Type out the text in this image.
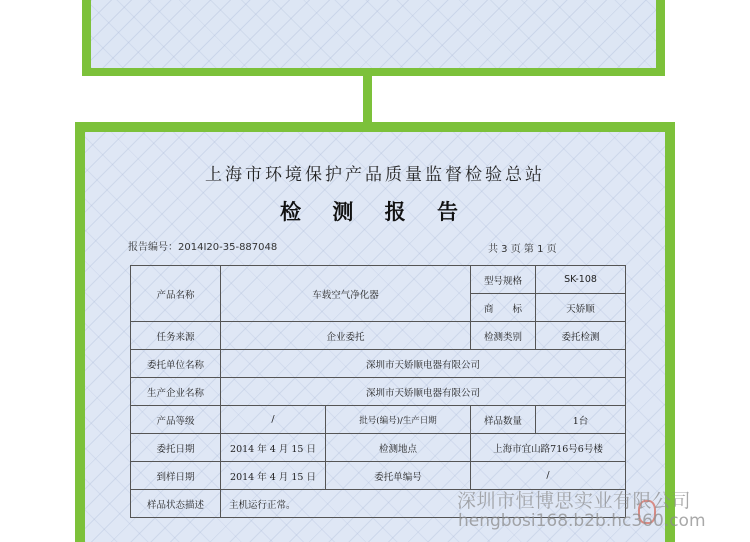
上海市环境保护产品质量监督检验总站
检 测 报 告
报告编号：2014I20-35-887048	共 3 页 第 1 页
产品名称	车载空气净化器		型号规格	SK-108
			商　　标	天娇顺
任务来源	企业委托		检测类别	委托检测
委托单位名称	深圳市天娇顺电器有限公司			
生产企业名称	深圳市天娇顺电器有限公司			
产品等级	/	批号(编号)/生产日期	样品数量	1台
委托日期	2014 年 4 月 15 日	检测地点	上海市宜山路716号6号楼	
到样日期	2014 年 4 月 15 日	委托单编号	/	
样品状态描述	主机运行正常。				深圳市恒博思实业有限公司
hengbosi168.b2b.hc360.com
